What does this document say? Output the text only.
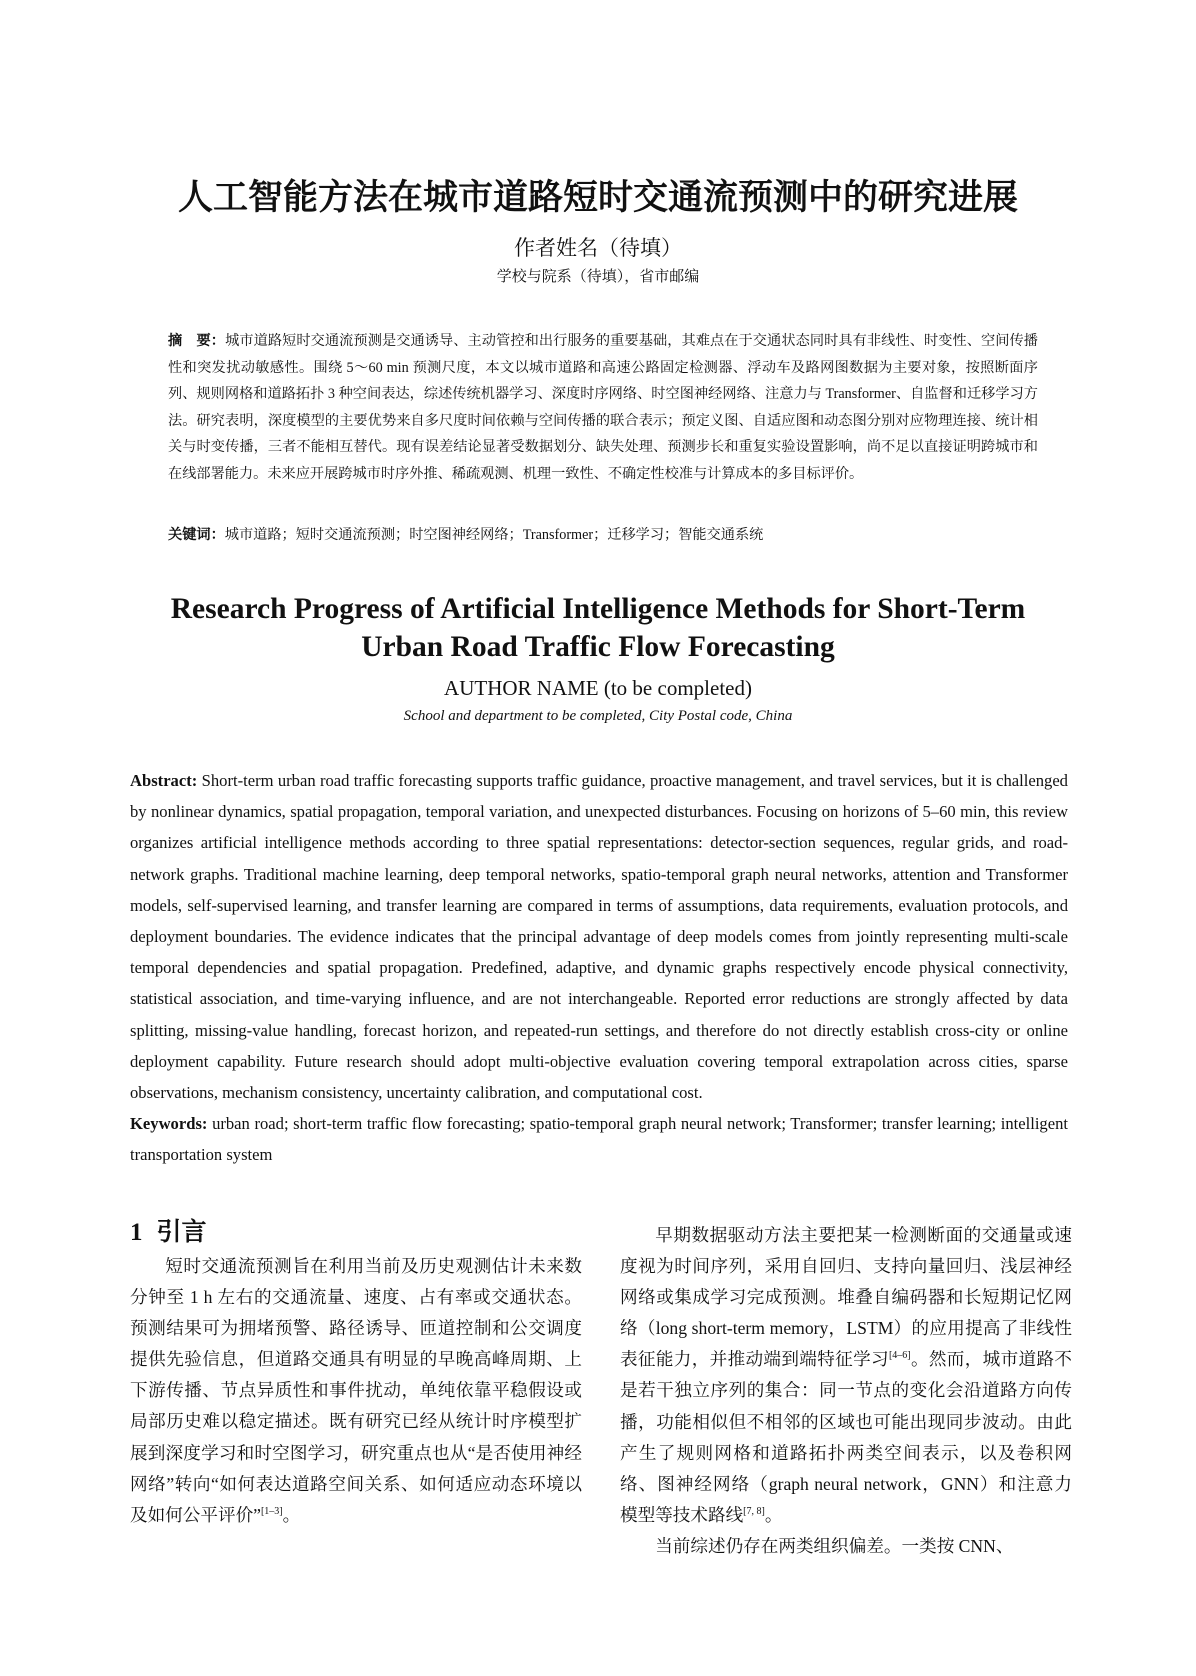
人工智能方法在城市道路短时交通流预测中的研究进展
作者姓名（待填）
学校与院系（待填），省市邮编
摘　要：城市道路短时交通流预测是交通诱导、主动管控和出行服务的重要基础，其难点在于交通状态同时具有非线性、时变性、空间传播性和突发扰动敏感性。围绕 5～60 min 预测尺度，本文以城市道路和高速公路固定检测器、浮动车及路网图数据为主要对象，按照断面序列、规则网格和道路拓扑 3 种空间表达，综述传统机器学习、深度时序网络、时空图神经网络、注意力与 Transformer、自监督和迁移学习方法。研究表明，深度模型的主要优势来自多尺度时间依赖与空间传播的联合表示；预定义图、自适应图和动态图分别对应物理连接、统计相关与时变传播，三者不能相互替代。现有误差结论显著受数据划分、缺失处理、预测步长和重复实验设置影响，尚不足以直接证明跨城市和在线部署能力。未来应开展跨城市时序外推、稀疏观测、机理一致性、不确定性校准与计算成本的多目标评价。
关键词：城市道路；短时交通流预测；时空图神经网络；Transformer；迁移学习；智能交通系统
Research Progress of Artificial Intelligence Methods for Short-Term
Urban Road Traffic Flow Forecasting
AUTHOR NAME (to be completed)
School and department to be completed, City Postal code, China
Abstract: Short-term urban road traffic forecasting supports traffic guidance, proactive management, and travel services, but it is challenged by nonlinear dynamics, spatial propagation, temporal variation, and unexpected disturbances. Focusing on horizons of 5–60 min, this review organizes artificial intelligence methods according to three spatial representations: detector-section sequences, regular grids, and road-network graphs. Traditional machine learning, deep temporal networks, spatio-temporal graph neural networks, attention and Transformer models, self-supervised learning, and transfer learning are compared in terms of assumptions, data requirements, evaluation protocols, and deployment boundaries. The evidence indicates that the principal advantage of deep models comes from jointly representing multi-scale temporal dependencies and spatial propagation. Predefined, adaptive, and dynamic graphs respectively encode physical connectivity, statistical association, and time-varying influence, and are not interchangeable. Reported error reductions are strongly affected by data splitting, missing-value handling, forecast horizon, and repeated-run settings, and therefore do not directly establish cross-city or online deployment capability. Future research should adopt multi-objective evaluation covering temporal extrapolation across cities, sparse observations, mechanism consistency, uncertainty calibration, and computational cost.
Keywords: urban road; short-term traffic flow forecasting; spatio-temporal graph neural network; Transformer; transfer learning; intelligent transportation system
1 引言

短时交通流预测旨在利用当前及历史观测估计未来数分钟至 1 h 左右的交通流量、速度、占有率或交通状态。预测结果可为拥堵预警、路径诱导、匝道控制和公交调度提供先验信息，但道路交通具有明显的早晚高峰周期、上下游传播、节点异质性和事件扰动，单纯依靠平稳假设或局部历史难以稳定描述。既有研究已经从统计时序模型扩展到深度学习和时空图学习，研究重点也从“是否使用神经网络”转向“如何表达道路空间关系、如何适应动态环境以及如何公平评价”[1–3]。

早期数据驱动方法主要把某一检测断面的交通量或速度视为时间序列，采用自回归、支持向量回归、浅层神经网络或集成学习完成预测。堆叠自编码器和长短期记忆网络（long short-term memory，LSTM）的应用提高了非线性表征能力，并推动端到端特征学习[4–6]。然而，城市道路不是若干独立序列的集合：同一节点的变化会沿道路方向传播，功能相似但不相邻的区域也可能出现同步波动。由此产生了规则网格和道路拓扑两类空间表示，以及卷积网络、图神经网络（graph neural network，GNN）和注意力模型等技术路线[7, 8]。

当前综述仍存在两类组织偏差。一类按 CNN、
